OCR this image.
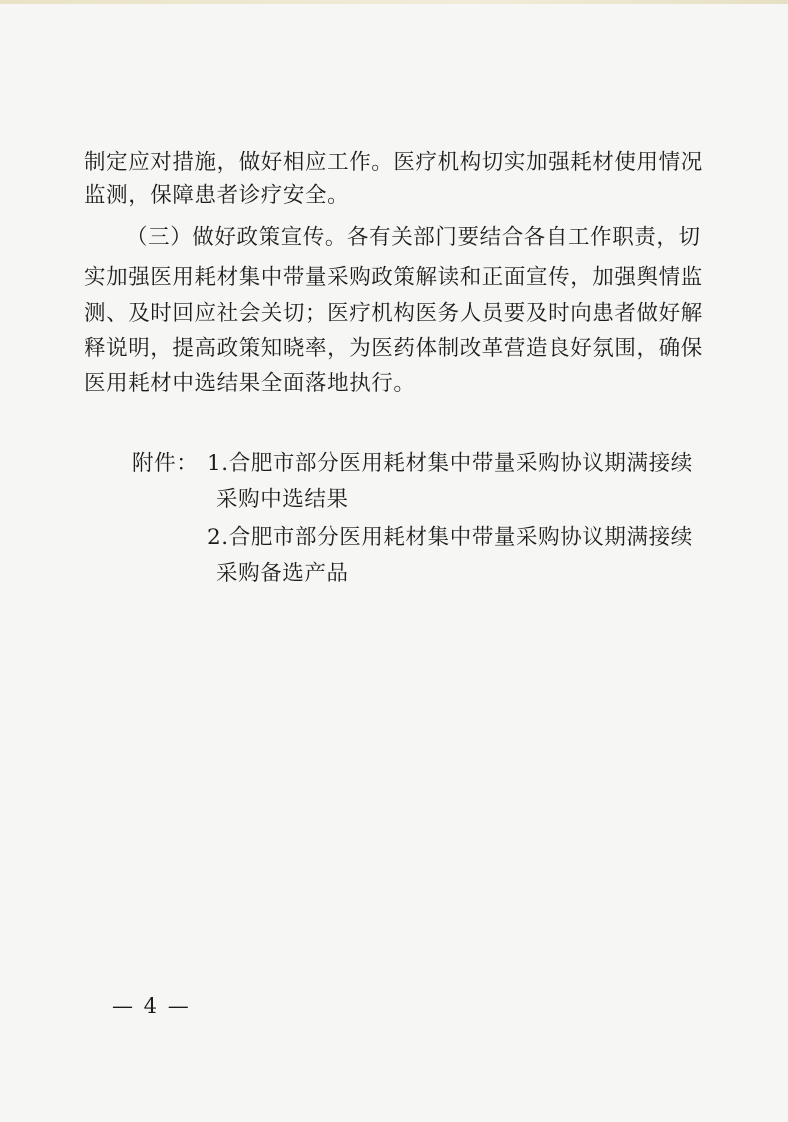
制定应对措施，做好相应工作。医疗机构切实加强耗材使用情况
监测，保障患者诊疗安全。
（三）做好政策宣传。各有关部门要结合各自工作职责，切
实加强医用耗材集中带量采购政策解读和正面宣传，加强舆情监
测、及时回应社会关切；医疗机构医务人员要及时向患者做好解
释说明，提高政策知晓率，为医药体制改革营造良好氛围，确保
医用耗材中选结果全面落地执行。
附件： 1.合肥市部分医用耗材集中带量采购协议期满接续
采购中选结果
2.合肥市部分医用耗材集中带量采购协议期满接续
采购备选产品
— 4 —
